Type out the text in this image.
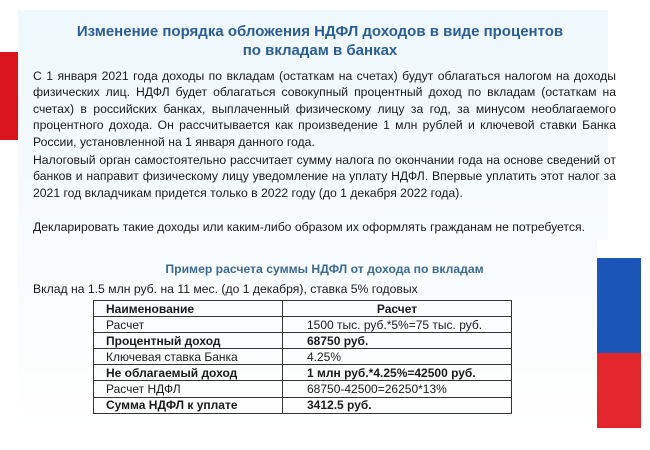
Изменение порядка обложения НДФЛ доходов в виде процентов
по вкладам в банках
С 1 января 2021 года доходы по вкладам (остаткам на счетах) будут облагаться налогом на доходы физических лиц. НДФЛ будет облагаться совокупный процентный доход по вкладам (остаткам на счетах) в российских банках, выплаченный физическому лицу за год, за минусом необлагаемого процентного дохода. Он рассчитывается как произведение 1 млн рублей и ключевой ставки Банка России, установленной на 1 января данного года.
Налоговый орган самостоятельно рассчитает сумму налога по окончании года на основе сведений от банков и направит физическому лицу уведомление на уплату НДФЛ. Впервые уплатить этот налог за 2021 год вкладчикам придется только в 2022 году (до 1 декабря 2022 года).
Декларировать такие доходы или каким-либо образом их оформлять гражданам не потребуется.
Пример расчета суммы НДФЛ от дохода по вкладам
Вклад на 1.5 млн руб. на 11 мес. (до 1 декабря), ставка 5% годовых
Наименование	Расчет
Расчет	1500 тыс. руб.*5%=75 тыс. руб.
Процентный доход	68750 руб.
Ключевая ставка Банка	4.25%
Не облагаемый доход	1 млн руб.*4.25%=42500 руб.
Расчет НДФЛ	68750-42500=26250*13%
Сумма НДФЛ к уплате	3412.5 руб.
